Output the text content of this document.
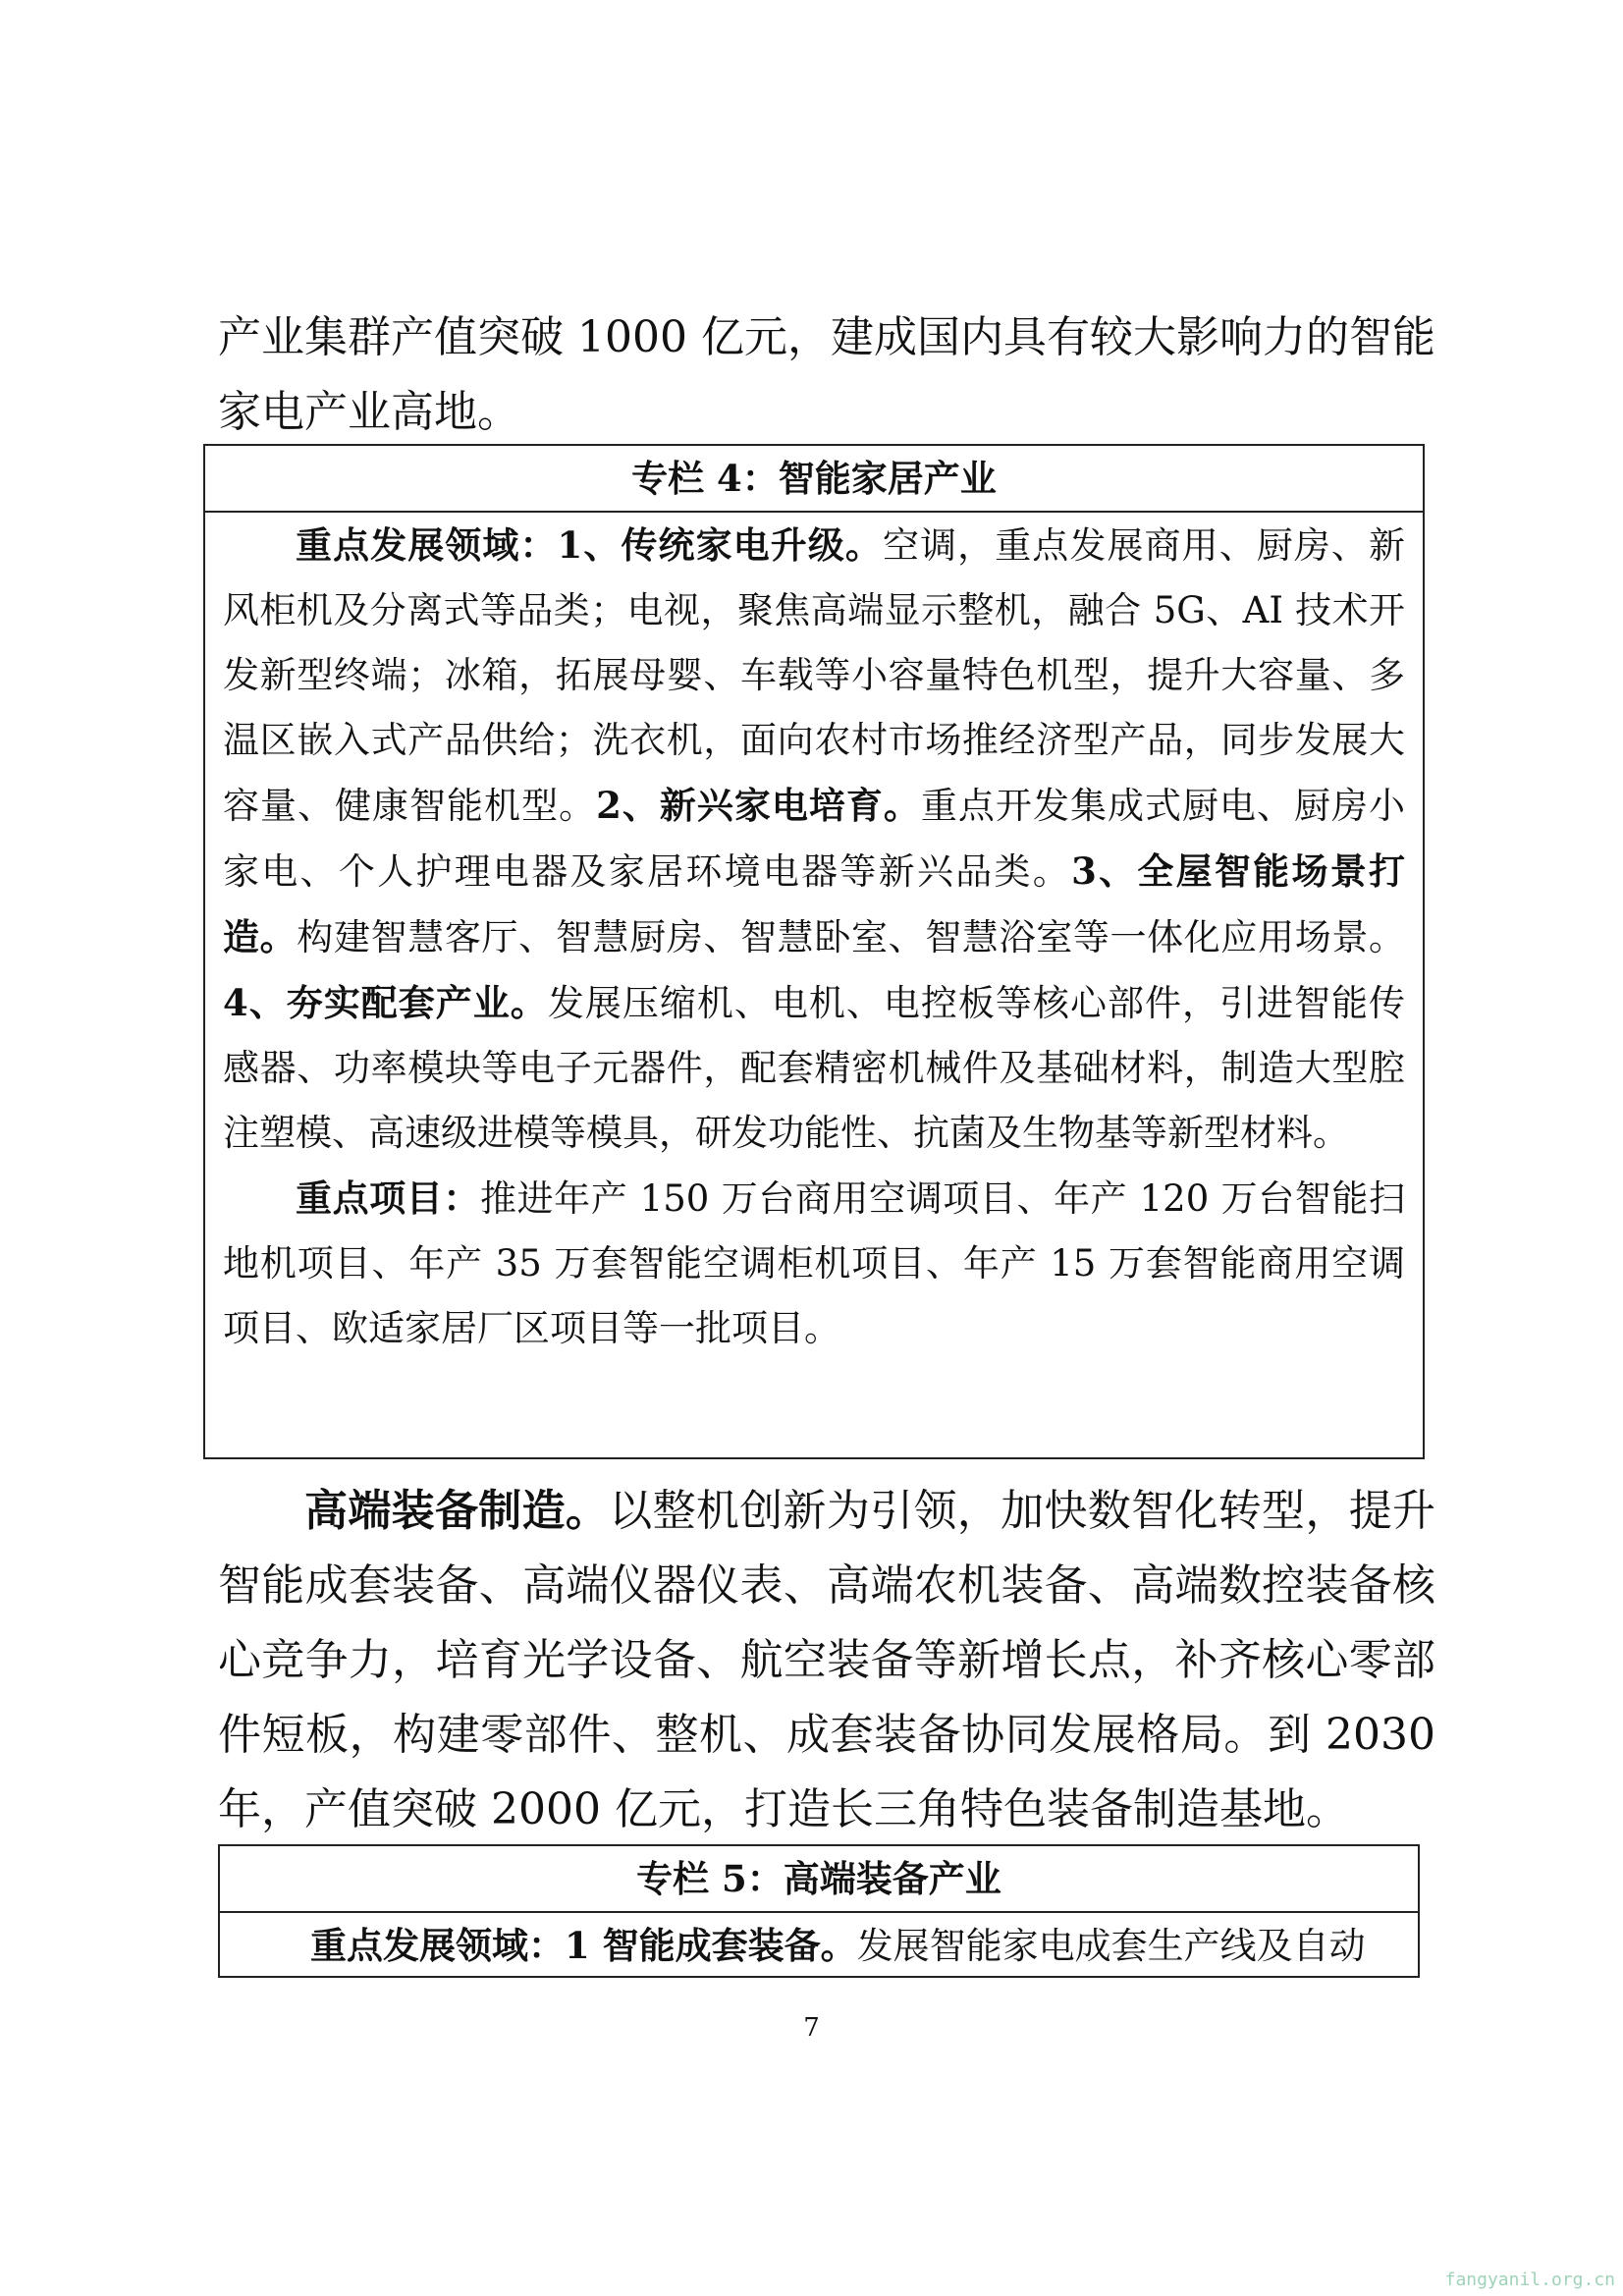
产业集群产值突破 1000 亿元，建成国内具有较大影响力的智能家电产业高地。

专栏 4：智能家居产业

重点发展领域：1、传统家电升级。空调，重点发展商用、厨房、新风柜机及分离式等品类；电视，聚焦高端显示整机，融合 5G、AI 技术开发新型终端；冰箱，拓展母婴、车载等小容量特色机型，提升大容量、多温区嵌入式产品供给；洗衣机，面向农村市场推经济型产品，同步发展大容量、健康智能机型。2、新兴家电培育。重点开发集成式厨电、厨房小家电、个人护理电器及家居环境电器等新兴品类。3、全屋智能场景打造。构建智慧客厅、智慧厨房、智慧卧室、智慧浴室等一体化应用场景。4、夯实配套产业。发展压缩机、电机、电控板等核心部件，引进智能传感器、功率模块等电子元器件，配套精密机械件及基础材料，制造大型腔注塑模、高速级进模等模具，研发功能性、抗菌及生物基等新型材料。

重点项目：推进年产 150 万台商用空调项目、年产 120 万台智能扫地机项目、年产 35 万套智能空调柜机项目、年产 15 万套智能商用空调项目、欧适家居厂区项目等一批项目。

高端装备制造。以整机创新为引领，加快数智化转型，提升智能成套装备、高端仪器仪表、高端农机装备、高端数控装备核心竞争力，培育光学设备、航空装备等新增长点，补齐核心零部件短板，构建零部件、整机、成套装备协同发展格局。到 2030 年，产值突破 2000 亿元，打造长三角特色装备制造基地。

专栏 5：高端装备产业

重点发展领域：1 智能成套装备。发展智能家电成套生产线及自动

7
fangyanil.org.cn
